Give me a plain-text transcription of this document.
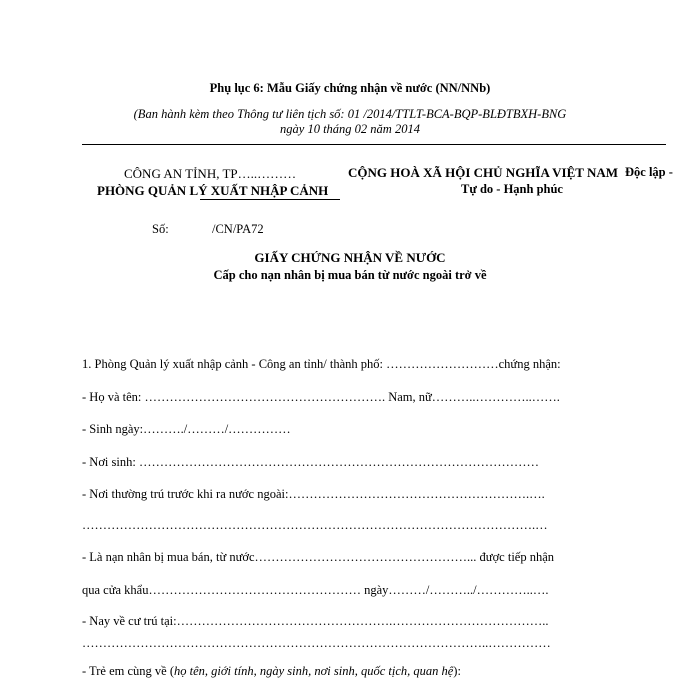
Phụ lục 6: Mẫu Giấy chứng nhận về nước (NN/NNb)
(Ban hành kèm theo Thông tư liên tịch số: 01 /2014/TTLT-BCA-BQP-BLĐTBXH-BNG
ngày 10 tháng 02 năm 2014
CÔNG AN TỈNH, TP…..………
PHÒNG QUẢN LÝ XUẤT NHẬP CẢNH
CỘNG HOÀ XÃ HỘI CHỦ NGHĨA VIỆT NAM Độc lập -
Tự do - Hạnh phúc
Số:	/CN/PA72
GIẤY CHỨNG NHẬN VỀ NƯỚC
Cấp cho nạn nhân bị mua bán từ nước ngoài trở về
1. Phòng Quản lý xuất nhập cảnh - Công an tỉnh/ thành phố: ………………………chứng nhận:
- Họ và tên: …………………………………………………. Nam, nữ………..…………..…….
- Sinh ngày:………./………/……………
- Nơi sinh: ……………………………………………………………………………………
- Nơi thường trú trước khi ra nước ngoài:………………………………………………….….
……………………………………………………………………………………………….…
- Là nạn nhân bị mua bán, từ nước……………………………………………... được tiếp nhận
qua cửa khẩu…………………………………………… ngày………/………../…………..….
- Nay về cư trú tại:…………………………………………….………………………………..
……………………………………………………………………………………..……………
- Trẻ em cùng về (họ tên, giới tính, ngày sinh, nơi sinh, quốc tịch, quan hệ):
